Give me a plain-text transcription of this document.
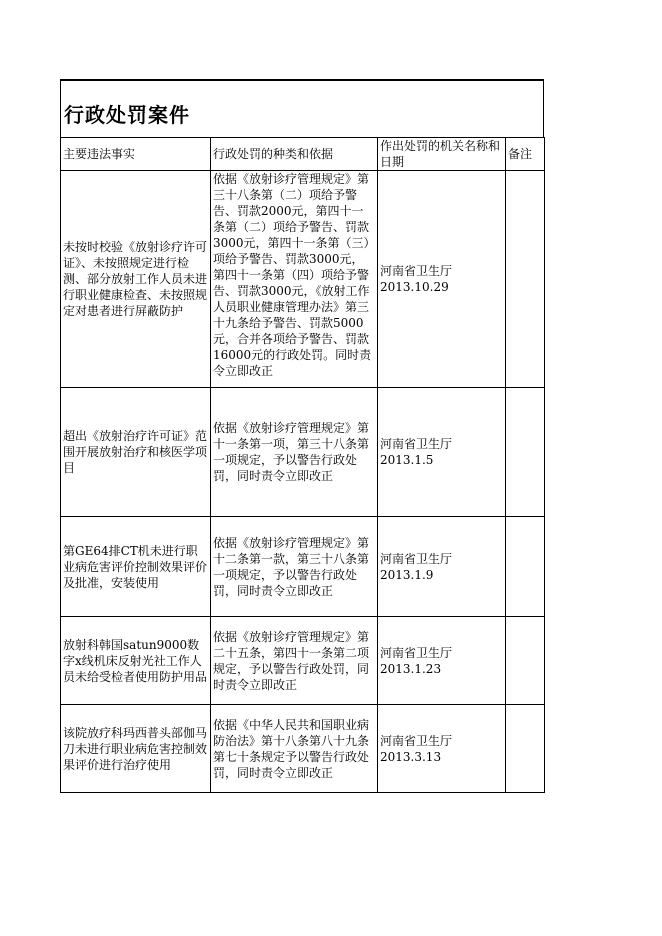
行政处罚案件
主要违法事实	行政处罚的种类和依据	作出处罚的机关名称和日期	备注
未按时校验《放射诊疗许可证》、未按照规定进行检测、部分放射工作人员未进行职业健康检查、未按照规定对患者进行屏蔽防护	依据《放射诊疗管理规定》第三十八条第（二）项给予警告、罚款2000元，第四十一条第（二）项给予警告、罚款3000元，第四十一条第（三）项给予警告、罚款3000元，第四十一条第（四）项给予警告、罚款3000元，《放射工作人员职业健康管理办法》第三十九条给予警告、罚款5000元，合并各项给予警告、罚款16000元的行政处罚。同时责令立即改正	河南省卫生厅
2013.10.29	

超出《放射治疗许可证》范围开展放射治疗和核医学项目	依据《放射诊疗管理规定》第十一条第一项，第三十八条第一项规定，予以警告行政处罚，同时责令立即改正	河南省卫生厅
2013.1.5	

第GE64排CT机未进行职业病危害评价控制效果评价及批准，安装使用	依据《放射诊疗管理规定》第十二条第一款，第三十八条第一项规定，予以警告行政处罚，同时责令立即改正	河南省卫生厅
2013.1.9	

放射科韩国satun9000数字x线机床反射光社工作人员未给受检者使用防护用品	依据《放射诊疗管理规定》第二十五条，第四十一条第二项规定，予以警告行政处罚，同时责令立即改正	河南省卫生厅
2013.1.23	

该院放疗科玛西普头部伽马刀未进行职业病危害控制效果评价进行治疗使用	依据《中华人民共和国职业病防治法》第十八条第八十九条第七十条规定予以警告行政处罚，同时责令立即改正	河南省卫生厅
2013.3.13	
